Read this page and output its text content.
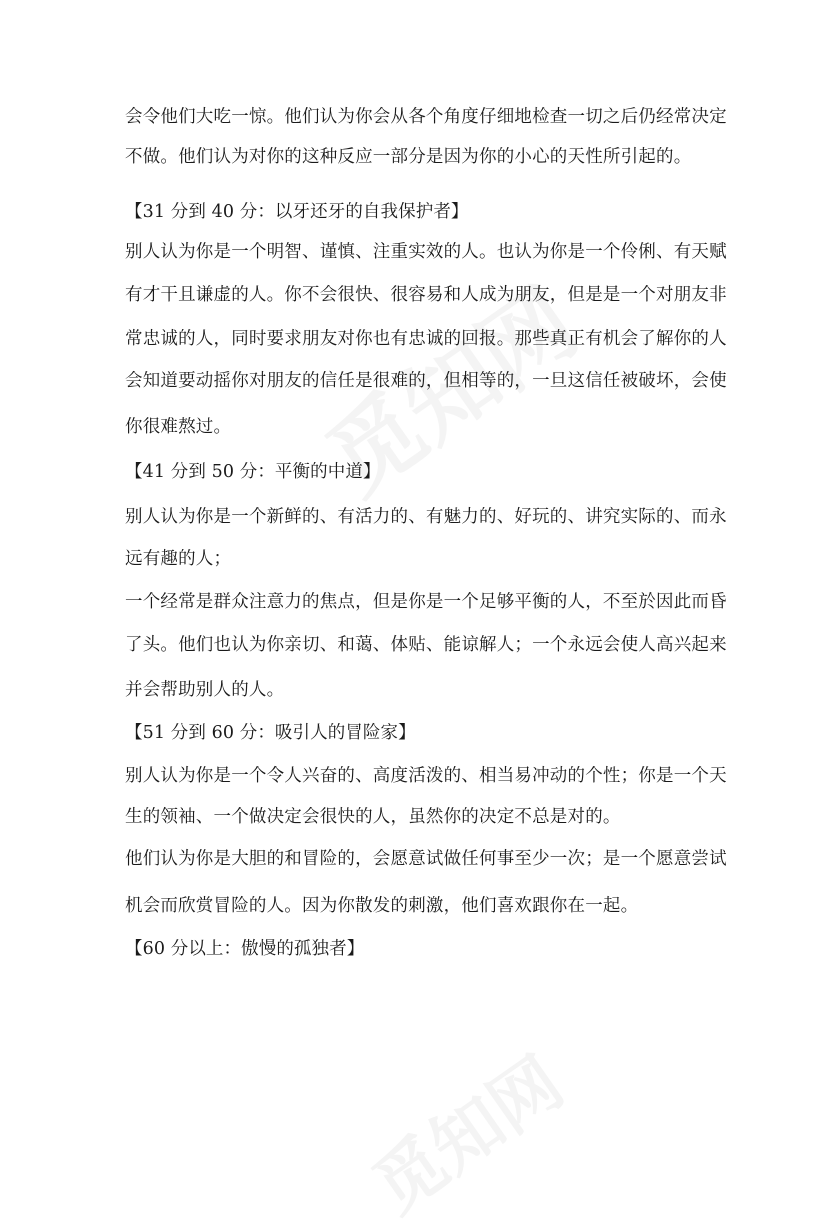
会令他们大吃一惊。他们认为你会从各个角度仔细地检查一切之后仍经常决定
不做。他们认为对你的这种反应一部分是因为你的小心的天性所引起的。
【31 分到 40 分：以牙还牙的自我保护者】
别人认为你是一个明智、谨慎、注重实效的人。也认为你是一个伶俐、有天赋
有才干且谦虚的人。你不会很快、很容易和人成为朋友，但是是一个对朋友非
常忠诚的人，同时要求朋友对你也有忠诚的回报。那些真正有机会了解你的人
会知道要动摇你对朋友的信任是很难的，但相等的，一旦这信任被破坏，会使
你很难熬过。
【41 分到 50 分：平衡的中道】
别人认为你是一个新鲜的、有活力的、有魅力的、好玩的、讲究实际的、而永
远有趣的人；
一个经常是群众注意力的焦点，但是你是一个足够平衡的人，不至於因此而昏
了头。他们也认为你亲切、和蔼、体贴、能谅解人；一个永远会使人高兴起来
并会帮助别人的人。
【51 分到 60 分：吸引人的冒险家】
别人认为你是一个令人兴奋的、高度活泼的、相当易冲动的个性；你是一个天
生的领袖、一个做决定会很快的人，虽然你的决定不总是对的。
他们认为你是大胆的和冒险的，会愿意试做任何事至少一次；是一个愿意尝试
机会而欣赏冒险的人。因为你散发的刺激，他们喜欢跟你在一起。
【60 分以上：傲慢的孤独者】
